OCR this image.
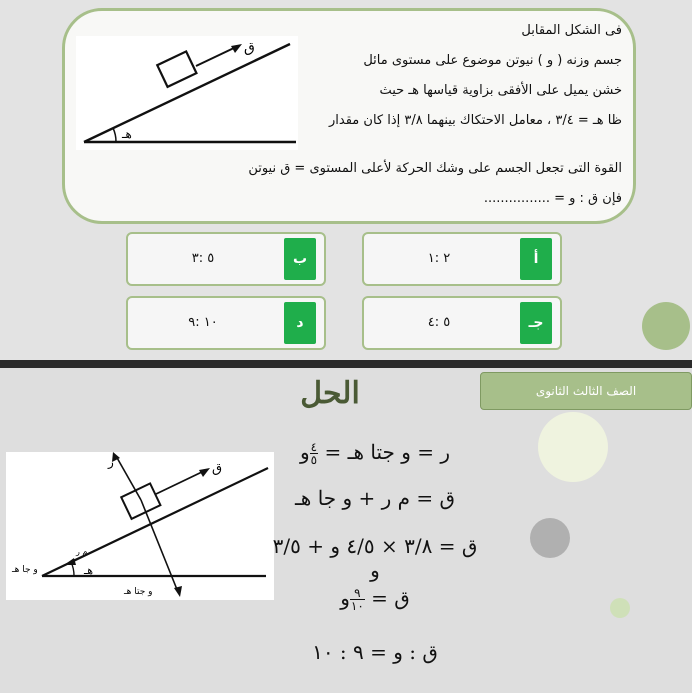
ق
هـ
فى الشكل المقابل
جسم وزنه ( و ) نيوتن موضوع على مستوى مائل
خشن يميل على الأفقى بزاوية قياسها هـ حيث
ظا هـ = ٣/٤ ، معامل الاحتكاك بينهما ٣/٨ إذا كان مقدار
القوة التى تجعل الجسم على وشك الحركة لأعلى المستوى = ق نيوتن
فإن ق : و = ................
٢ :١	أ
٥ :٣	ب
٥ :٤	جـ
١٠ :٩	د
الصف الثالث الثانوى
الحل
ر	ق
هـ
م ر
و جا هـ
و جتا هـ
ر = و جتا هـ =
$\frac{٤}{٥}$
و
ق = م ر + و جا هـ
ق = ٣/٨ × ٤/٥ و + ٣/٥ و
ق =
$\frac{٩}{١٠}$
و
ق : و = ٩ : ١٠
